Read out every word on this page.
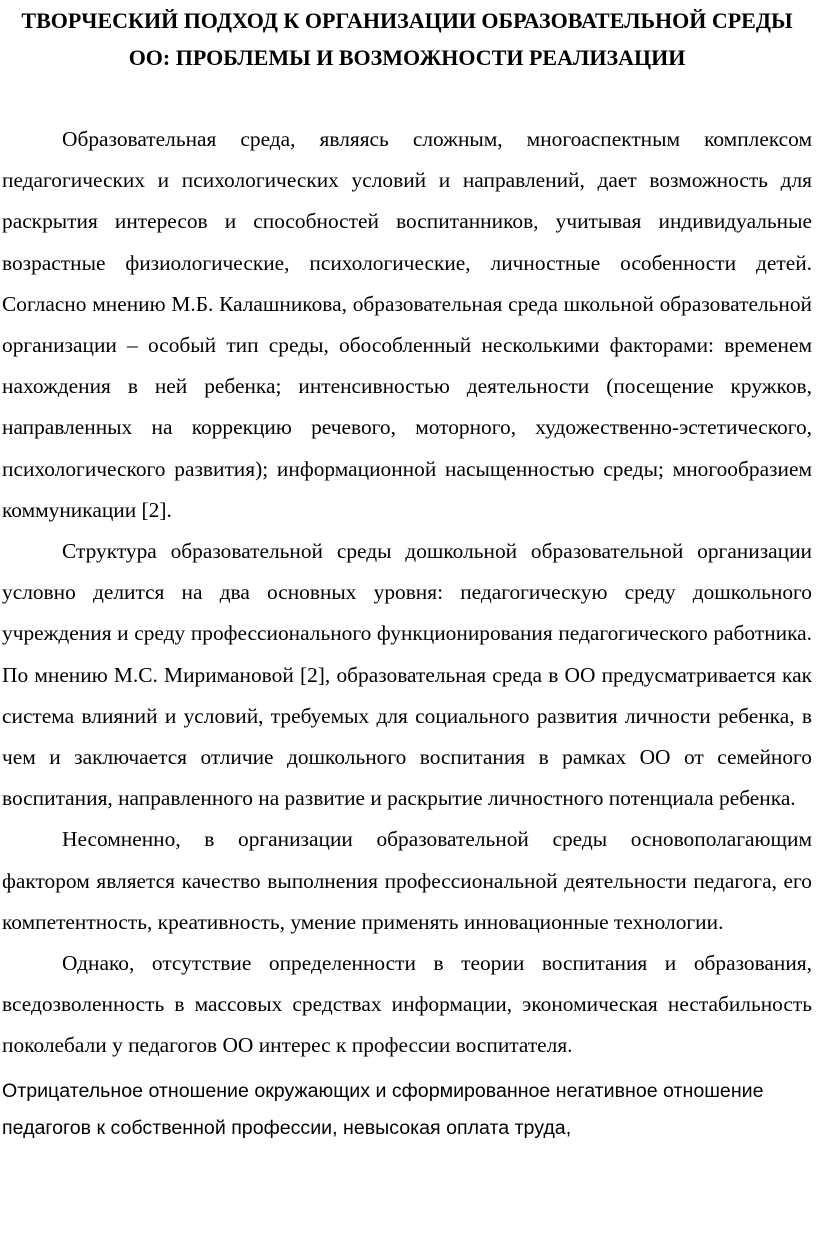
ТВОРЧЕСКИЙ ПОДХОД К ОРГАНИЗАЦИИ ОБРАЗОВАТЕЛЬНОЙ СРЕДЫ ОО: ПРОБЛЕМЫ И ВОЗМОЖНОСТИ РЕАЛИЗАЦИИ

Образовательная среда, являясь сложным, многоаспектным комплексом педагогических и психологических условий и направлений, дает возможность для раскрытия интересов и способностей воспитанников, учитывая индивидуальные возрастные физиологические, психологические, личностные особенности детей. Согласно мнению М.Б. Калашникова, образовательная среда школьной образовательной организации – особый тип среды, обособленный несколькими факторами: временем нахождения в ней ребенка; интенсивностью деятельности (посещение кружков, направленных на коррекцию речевого, моторного, художественно-эстетического, психологического развития); информационной насыщенностью среды; многообразием коммуникации [2].

Структура образовательной среды дошкольной образовательной организации условно делится на два основных уровня: педагогическую среду дошкольного учреждения и среду профессионального функционирования педагогического работника. По мнению М.С. Миримановой [2], образовательная среда в ОО предусматривается как система влияний и условий, требуемых для социального развития личности ребенка, в чем и заключается отличие дошкольного воспитания в рамках ОО от семейного воспитания, направленного на развитие и раскрытие личностного потенциала ребенка.

Несомненно, в организации образовательной среды основополагающим фактором является качество выполнения профессиональной деятельности педагога, его компетентность, креативность, умение применять инновационные технологии.

Однако, отсутствие определенности в теории воспитания и образования, вседозволенность в массовых средствах информации, экономическая нестабильность поколебали у педагогов ОО интерес к профессии воспитателя.

Отрицательное отношение окружающих и сформированное негативное отношение педагогов к собственной профессии, невысокая оплата труда,
